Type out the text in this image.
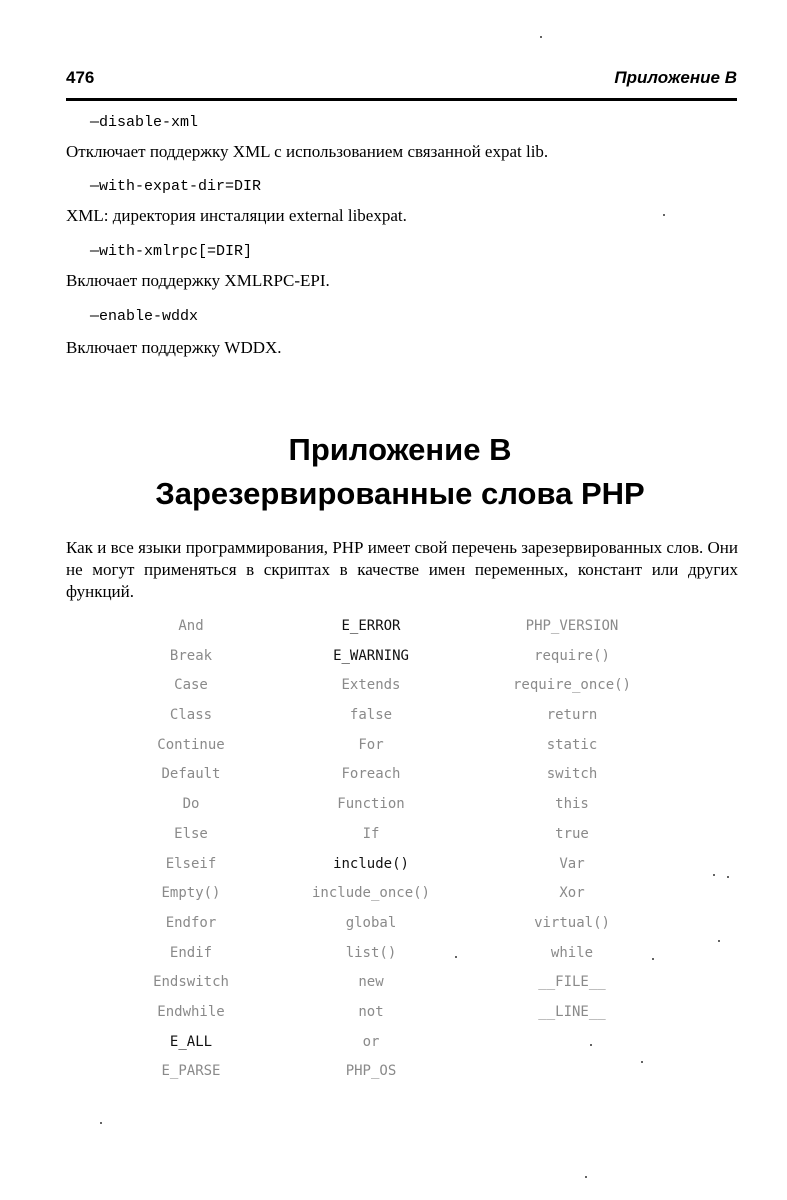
476	Приложение В
—disable-xml
Отключает поддержку XML с использованием связанной expat lib.
—with-expat-dir=DIR
XML: директория инсталяции external libexpat.
—with-xmlrpc[=DIR]
Включает поддержку XMLRPC-EPI.
—enable-wddx
Включает поддержку WDDX.
Приложение В
Зарезервированные слова РНР

Как и все языки программирования, РНР имеет свой перечень зарезервированных слов. Они не могут применяться в скриптах в качестве имен переменных, констант или других функций.

And
Break
Case
Class
Continue
Default
Do
Else
Elseif
Empty()
Endfor
Endif
Endswitch
Endwhile
E_ALL
E_PARSE
E_ERROR
E_WARNING
Extends
false
For
Foreach
Function
If
include()
include_once()
global
list()
new
not
or
PHP_OS
PHP_VERSION
require()
require_once()
return
static
switch
this
true
Var
Xor
virtual()
while
__FILE__
__LINE__
